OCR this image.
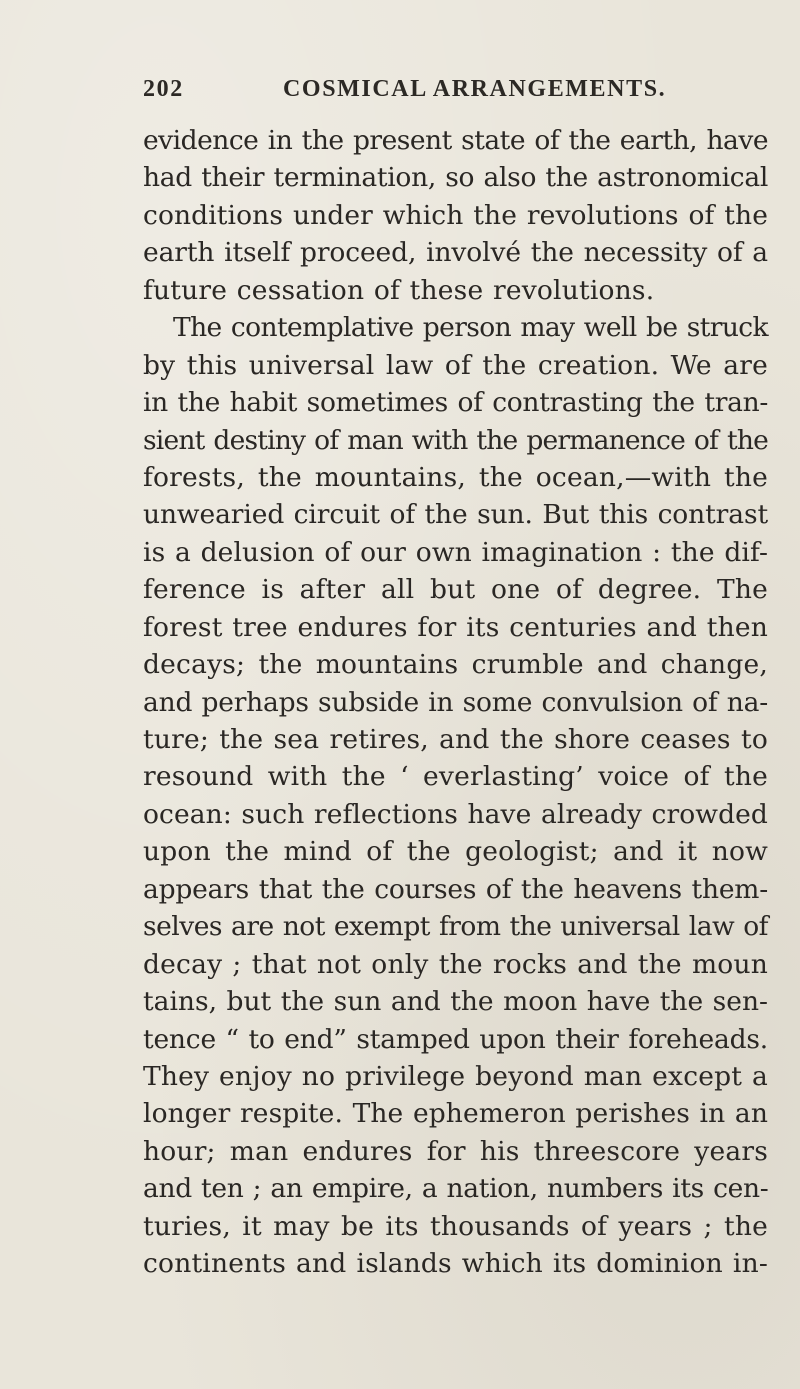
202	COSMICAL ARRANGEMENTS.
evidence in the present state of the earth, have
had their termination, so also the astronomical
conditions under which the revolutions of the
earth itself proceed, involvé the necessity of a
future cessation of these revolutions.
The contemplative person may well be struck
by this universal law of the creation. We are
in the habit sometimes of contrasting the tran-
sient destiny of man with the permanence of the
forests, the mountains, the ocean,—with the
unwearied circuit of the sun. But this contrast
is a delusion of our own imagination : the dif-
ference is after all but one of degree. The
forest tree endures for its centuries and then
decays; the mountains crumble and change,
and perhaps subside in some convulsion of na-
ture; the sea retires, and the shore ceases to
resound with the ‘ everlasting’ voice of the
ocean: such reflections have already crowded
upon the mind of the geologist; and it now
appears that the courses of the heavens them-
selves are not exempt from the universal law of
decay ; that not only the rocks and the moun
tains, but the sun and the moon have the sen-
tence “ to end” stamped upon their foreheads.
They enjoy no privilege beyond man except a
longer respite. The ephemeron perishes in an
hour; man endures for his threescore years
and ten ; an empire, a nation, numbers its cen-
turies, it may be its thousands of years ; the
continents and islands which its dominion in-
